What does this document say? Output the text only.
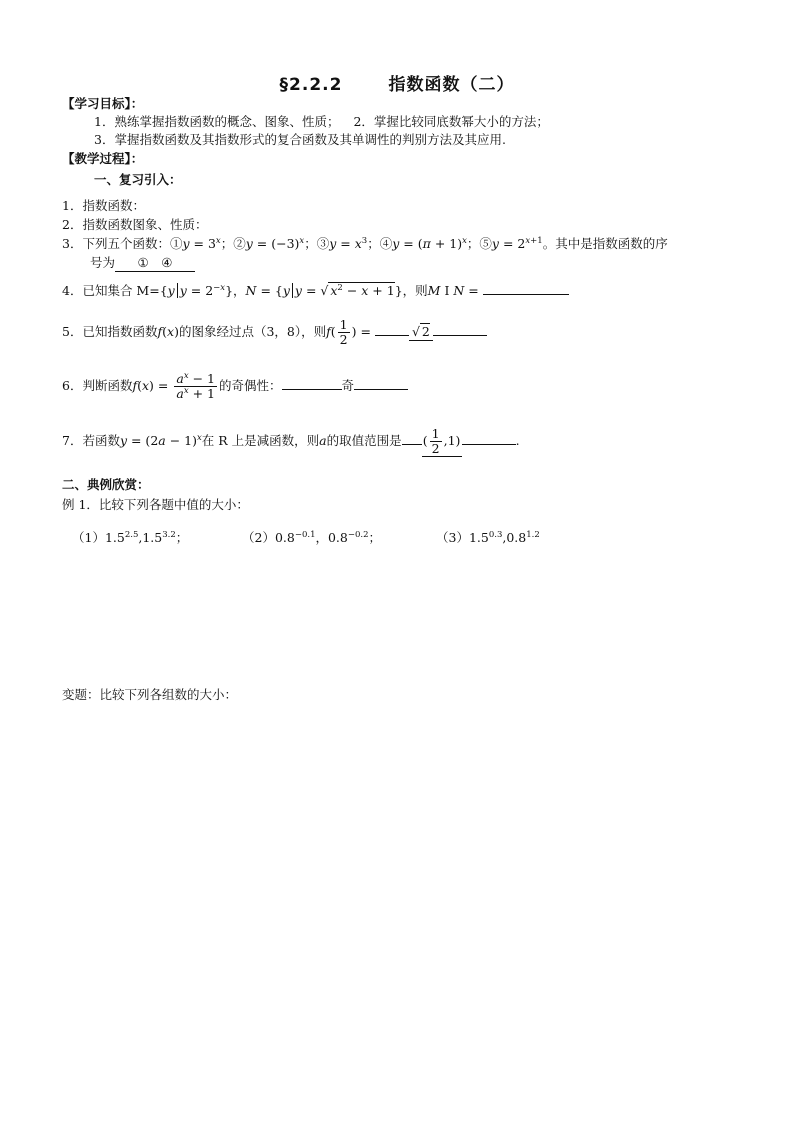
§2.2.2	指数函数（二）
【学习目标】：
1．熟练掌握指数函数的概念、图象、性质； 2．掌握比较同底数幂大小的方法；
3．掌握指数函数及其指数形式的复合函数及其单调性的判别方法及其应用.
【教学过程】：
一、复习引入：
1．指数函数：
2．指数函数图象、性质：
3．下列五个函数：①y = $3^x$；②y = $(-3)^x$；③y = $x^3$；④y = $(\pi + 1)^x$；⑤y = $2^{x+1}$。其中是指数函数的序
号为 ①　④
4．已知集合 M={y $y = 2^{-x}$}，N = {y y = √ $x^2 - x + 1$}，则M I N =
5．已知指数函数f(x)的图象经过点（3，8），则$f( \frac{1}{2}$ ) =	√ 2
6．判断函数$f(x) = \frac{a^x - 1}{a^x + 1}$ 的奇偶性：	奇
7．若函数$y = (2a - 1)^x$在 R 上是减函数，则a的取值范围是 ( $\frac{1}{2} ,1$)	.
二、典例欣赏：
例 1．比较下列各题中值的大小：
$(1)1.5^{2.5},1.5^{3.2}$；	$(2)0.8^{-0.1}$，$0.8^{-0.2}$；	$(3)1.5^{0.3},0.8^{1.2}$
变题：比较下列各组数的大小：
